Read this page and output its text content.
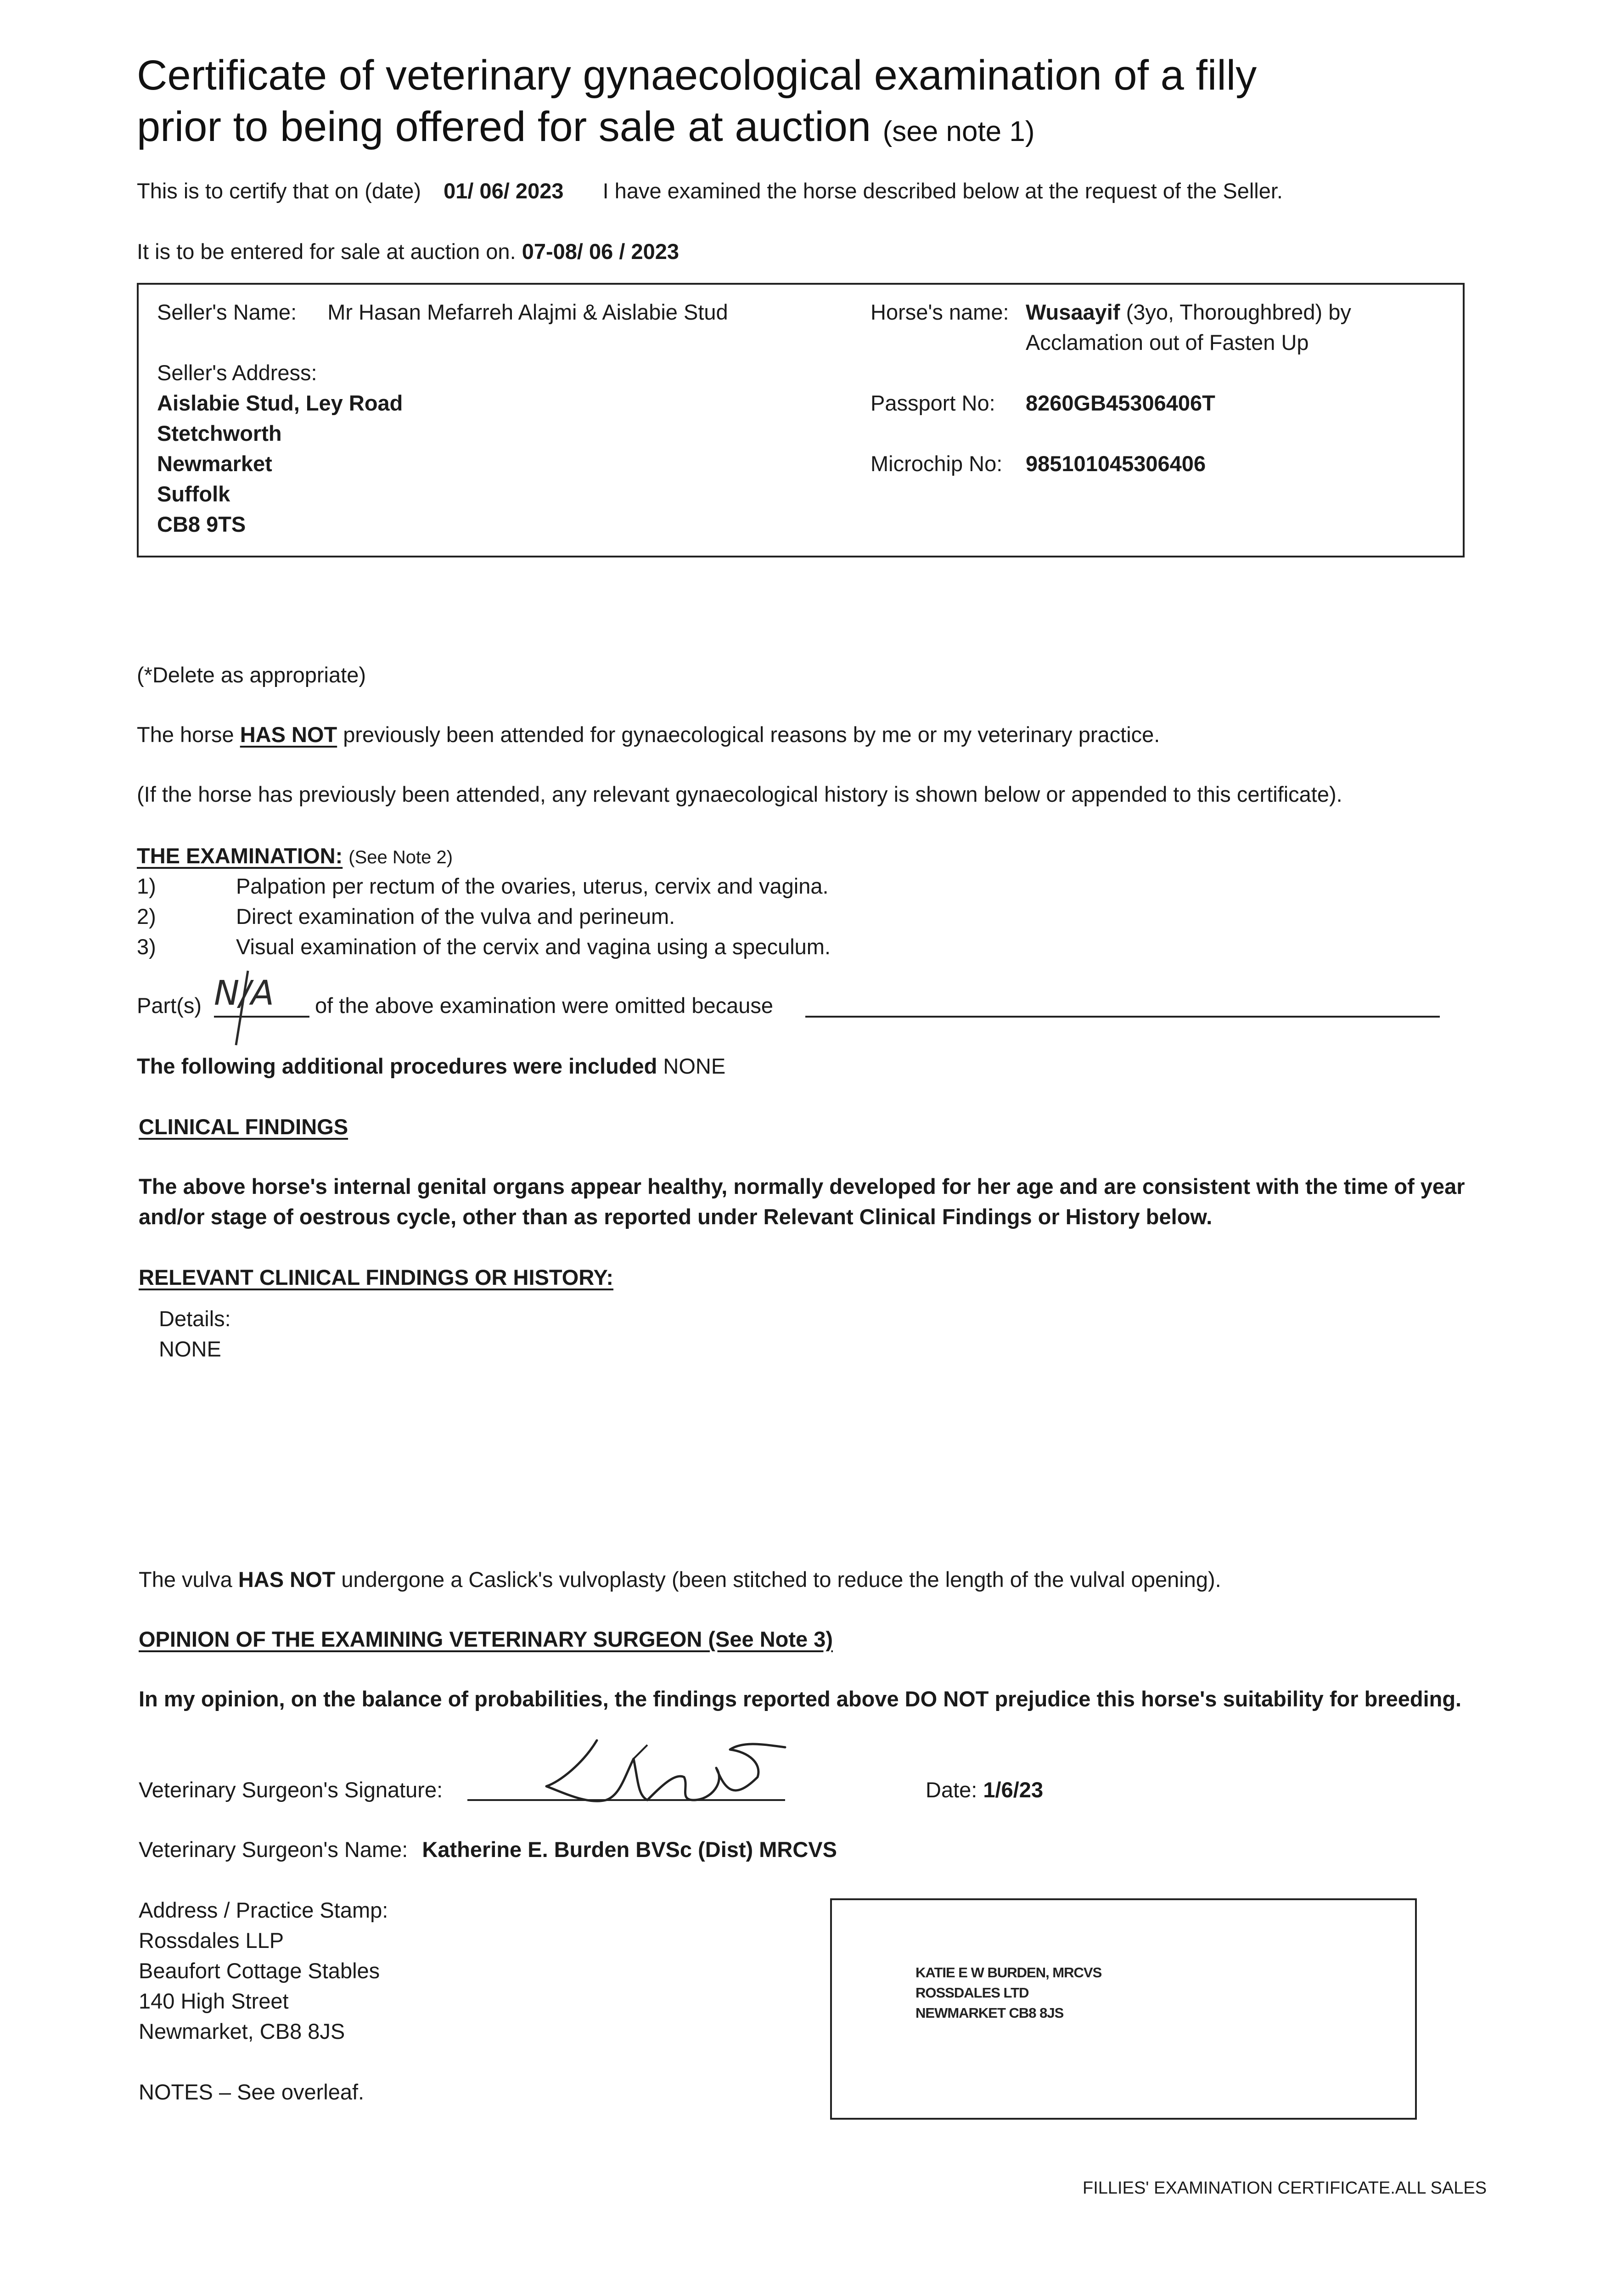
Certificate of veterinary gynaecological examination of a filly
prior to being offered for sale at auction (see note 1)
This is to certify that on (date) 01/ 06/ 2023 I have examined the horse described below at the request of the Seller.
It is to be entered for sale at auction on. 07-08/ 06 / 2023
Seller's Name: Mr Hasan Mefarreh Alajmi & Aislabie Stud
Seller's Address:
Aislabie Stud, Ley Road
Stetchworth
Newmarket
Suffolk
CB8 9TS
Horse's name: Wusaayif (3yo, Thoroughbred) by
Acclamation out of Fasten Up
Passport No: 8260GB45306406T
Microchip No: 985101045306406
(*Delete as appropriate)
The horse HAS NOT previously been attended for gynaecological reasons by me or my veterinary practice.
(If the horse has previously been attended, any relevant gynaecological history is shown below or appended to this certificate).
THE EXAMINATION: (See Note 2)
1)	Palpation per rectum of the ovaries, uterus, cervix and vagina.
2)	Direct examination of the vulva and perineum.
3)	Visual examination of the cervix and vagina using a speculum.
Part(s) N/A of the above examination were omitted because
The following additional procedures were included NONE
CLINICAL FINDINGS
The above horse's internal genital organs appear healthy, normally developed for her age and are consistent with the time of year
and/or stage of oestrous cycle, other than as reported under Relevant Clinical Findings or History below.
RELEVANT CLINICAL FINDINGS OR HISTORY:
Details:
NONE
The vulva HAS NOT undergone a Caslick's vulvoplasty (been stitched to reduce the length of the vulval opening).
OPINION OF THE EXAMINING VETERINARY SURGEON (See Note 3)
In my opinion, on the balance of probabilities, the findings reported above DO NOT prejudice this horse's suitability for breeding.
Veterinary Surgeon's Signature:	Date: 1/6/23
Veterinary Surgeon's Name: Katherine E. Burden BVSc (Dist) MRCVS
Address / Practice Stamp:
Rossdales LLP
Beaufort Cottage Stables
140 High Street
Newmarket, CB8 8JS
KATIE E W BURDEN, MRCVS
ROSSDALES LTD
NEWMARKET CB8 8JS
NOTES – See overleaf.
FILLIES' EXAMINATION CERTIFICATE.ALL SALES
